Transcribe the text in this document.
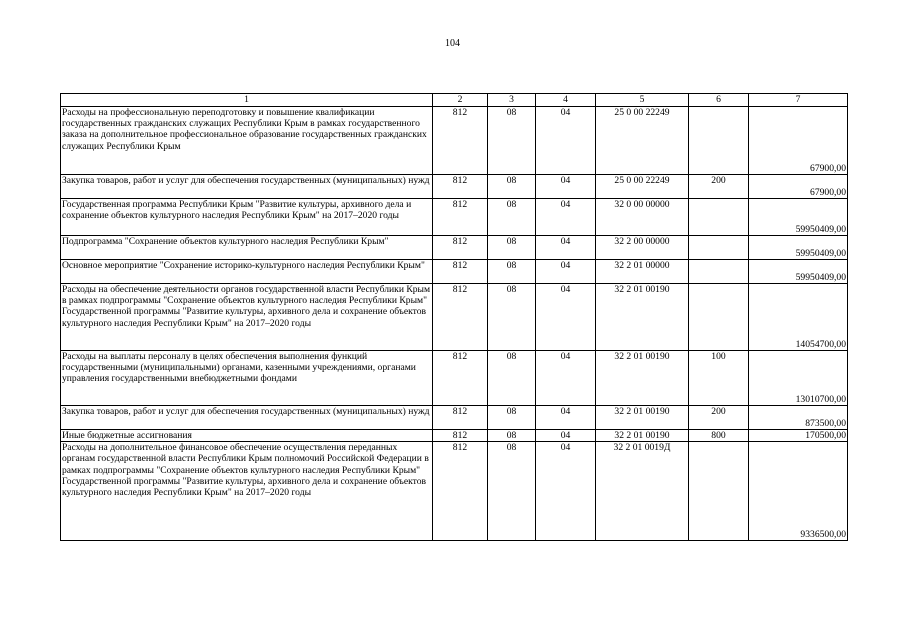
104
1	2	3	4	5	6	7
Расходы на профессиональную переподготовку и повышение квалификации государственных гражданских служащих Республики Крым в рамках государственного заказа на дополнительное профессиональное образование государственных гражданских служащих Республики Крым	812	08	04	25 0 00 22249		67900,00
Закупка товаров, работ и услуг для обеспечения государственных (муниципальных) нужд	812	08	04	25 0 00 22249	200	67900,00
Государственная программа Республики Крым "Развитие культуры, архивного дела и сохранение объектов культурного наследия Республики Крым" на 2017–2020 годы	812	08	04	32 0 00 00000		59950409,00
Подпрограмма "Сохранение объектов культурного наследия Республики Крым"	812	08	04	32 2 00 00000		59950409,00
Основное мероприятие "Сохранение историко-культурного наследия Республики Крым"	812	08	04	32 2 01 00000		59950409,00
Расходы на обеспечение деятельности органов государственной власти Республики Крым в рамках подпрограммы "Сохранение объектов культурного наследия Республики Крым" Государственной программы "Развитие культуры, архивного дела и сохранение объектов культурного наследия Республики Крым" на 2017–2020 годы	812	08	04	32 2 01 00190		14054700,00
Расходы на выплаты персоналу в целях обеспечения выполнения функций государственными (муниципальными) органами, казенными учреждениями, органами управления государственными внебюджетными фондами	812	08	04	32 2 01 00190	100	13010700,00
Закупка товаров, работ и услуг для обеспечения государственных (муниципальных) нужд	812	08	04	32 2 01 00190	200	873500,00
Иные бюджетные ассигнования	812	08	04	32 2 01 00190	800	170500,00
Расходы на дополнительное финансовое обеспечение осуществления переданных органам государственной власти Республики Крым полномочий Российской Федерации в рамках подпрограммы "Сохранение объектов культурного наследия Республики Крым" Государственной программы "Развитие культуры, архивного дела и сохранение объектов культурного наследия Республики Крым" на 2017–2020 годы	812	08	04	32 2 01 0019Д		9336500,00
